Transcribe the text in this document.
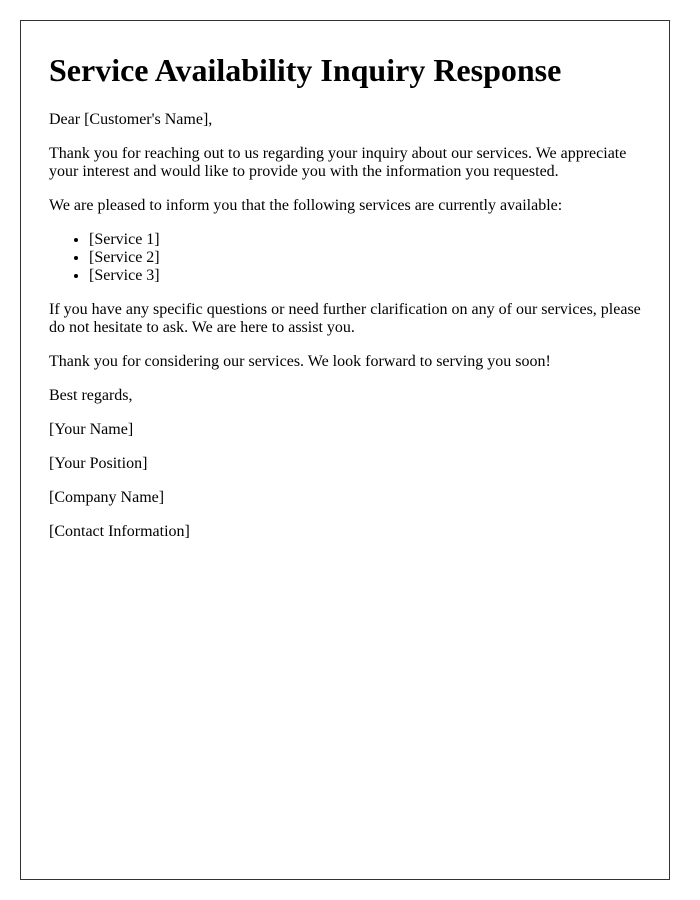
Service Availability Inquiry Response

Dear [Customer's Name],

Thank you for reaching out to us regarding your inquiry about our services. We appreciate your interest and would like to provide you with the information you requested.

We are pleased to inform you that the following services are currently available:

• [Service 1]
• [Service 2]
• [Service 3]

If you have any specific questions or need further clarification on any of our services, please do not hesitate to ask. We are here to assist you.

Thank you for considering our services. We look forward to serving you soon!

Best regards,

[Your Name]

[Your Position]

[Company Name]

[Contact Information]
